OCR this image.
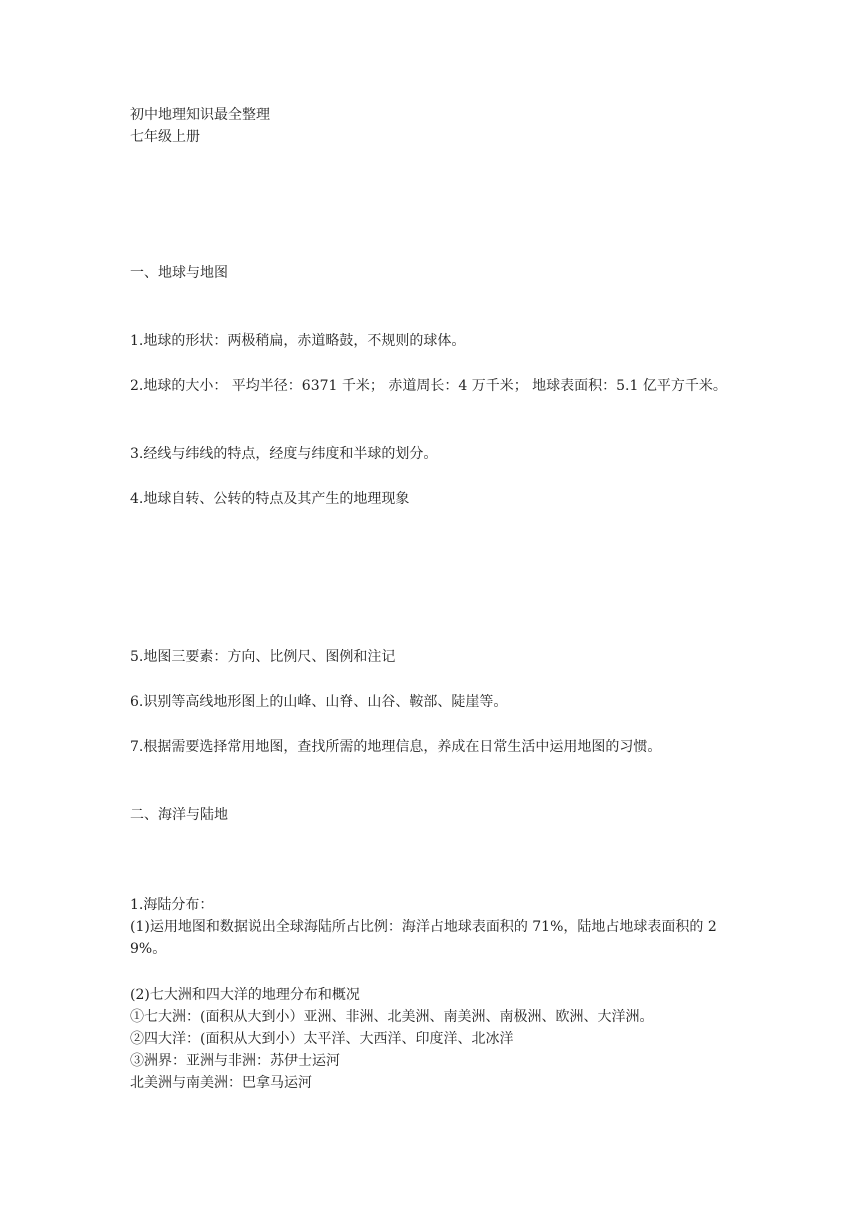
初中地理知识最全整理
七年级上册
一、地球与地图
1.地球的形状：两极稍扁，赤道略鼓，不规则的球体。
2.地球的大小： 平均半径：6371 千米； 赤道周长：4 万千米； 地球表面积：5.1 亿平方千米。
3.经线与纬线的特点，经度与纬度和半球的划分。
4.地球自转、公转的特点及其产生的地理现象
5.地图三要素：方向、比例尺、图例和注记
6.识别等高线地形图上的山峰、山脊、山谷、鞍部、陡崖等。
7.根据需要选择常用地图，查找所需的地理信息，养成在日常生活中运用地图的习惯。
二、海洋与陆地
1.海陆分布：
(1)运用地图和数据说出全球海陆所占比例：海洋占地球表面积的 71%，陆地占地球表面积的 29%。
(2)七大洲和四大洋的地理分布和概况
①七大洲：(面积从大到小）亚洲、非洲、北美洲、南美洲、南极洲、欧洲、大洋洲。
②四大洋：(面积从大到小）太平洋、大西洋、印度洋、北冰洋
③洲界：亚洲与非洲：苏伊士运河
北美洲与南美洲：巴拿马运河
